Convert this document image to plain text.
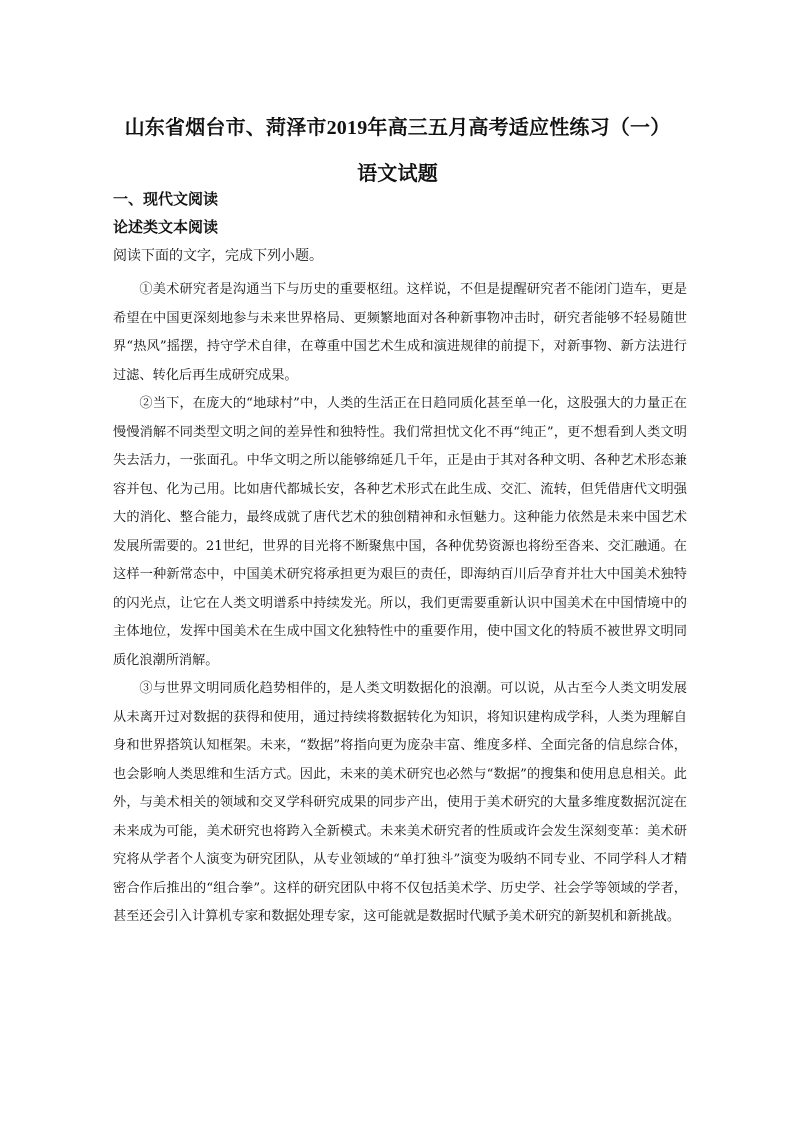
山东省烟台市、菏泽市2019年高三五月高考适应性练习（一）
语文试题
一、现代文阅读
论述类文本阅读
阅读下面的文字，完成下列小题。

①美术研究者是沟通当下与历史的重要枢纽。这样说，不但是提醒研究者不能闭门造车，更是希望在中国更深刻地参与未来世界格局、更频繁地面对各种新事物冲击时，研究者能够不轻易随世界“热风”摇摆，持守学术自律，在尊重中国艺术生成和演进规律的前提下，对新事物、新方法进行过滤、转化后再生成研究成果。

②当下，在庞大的“地球村”中，人类的生活正在日趋同质化甚至单一化，这股强大的力量正在慢慢消解不同类型文明之间的差异性和独特性。我们常担忧文化不再“纯正”，更不想看到人类文明失去活力，一张面孔。中华文明之所以能够绵延几千年，正是由于其对各种文明、各种艺术形态兼容并包、化为己用。比如唐代都城长安，各种艺术形式在此生成、交汇、流转，但凭借唐代文明强大的消化、整合能力，最终成就了唐代艺术的独创精神和永恒魅力。这种能力依然是未来中国艺术发展所需要的。21世纪，世界的目光将不断聚焦中国，各种优势资源也将纷至沓来、交汇融通。在这样一种新常态中，中国美术研究将承担更为艰巨的责任，即海纳百川后孕育并壮大中国美术独特的闪光点，让它在人类文明谱系中持续发光。所以，我们更需要重新认识中国美术在中国情境中的主体地位，发挥中国美术在生成中国文化独特性中的重要作用，使中国文化的特质不被世界文明同质化浪潮所消解。

③与世界文明同质化趋势相伴的，是人类文明数据化的浪潮。可以说，从古至今人类文明发展从未离开过对数据的获得和使用，通过持续将数据转化为知识，将知识建构成学科，人类为理解自身和世界搭筑认知框架。未来，“数据”将指向更为庞杂丰富、维度多样、全面完备的信息综合体，也会影响人类思维和生活方式。因此，未来的美术研究也必然与“数据”的搜集和使用息息相关。此外，与美术相关的领域和交叉学科研究成果的同步产出，使用于美术研究的大量多维度数据沉淀在未来成为可能，美术研究也将跨入全新模式。未来美术研究者的性质或许会发生深刻变革：美术研究将从学者个人演变为研究团队，从专业领域的“单打独斗”演变为吸纳不同专业、不同学科人才精密合作后推出的“组合拳”。这样的研究团队中将不仅包括美术学、历史学、社会学等领域的学者，甚至还会引入计算机专家和数据处理专家，这可能就是数据时代赋予美术研究的新契机和新挑战。
